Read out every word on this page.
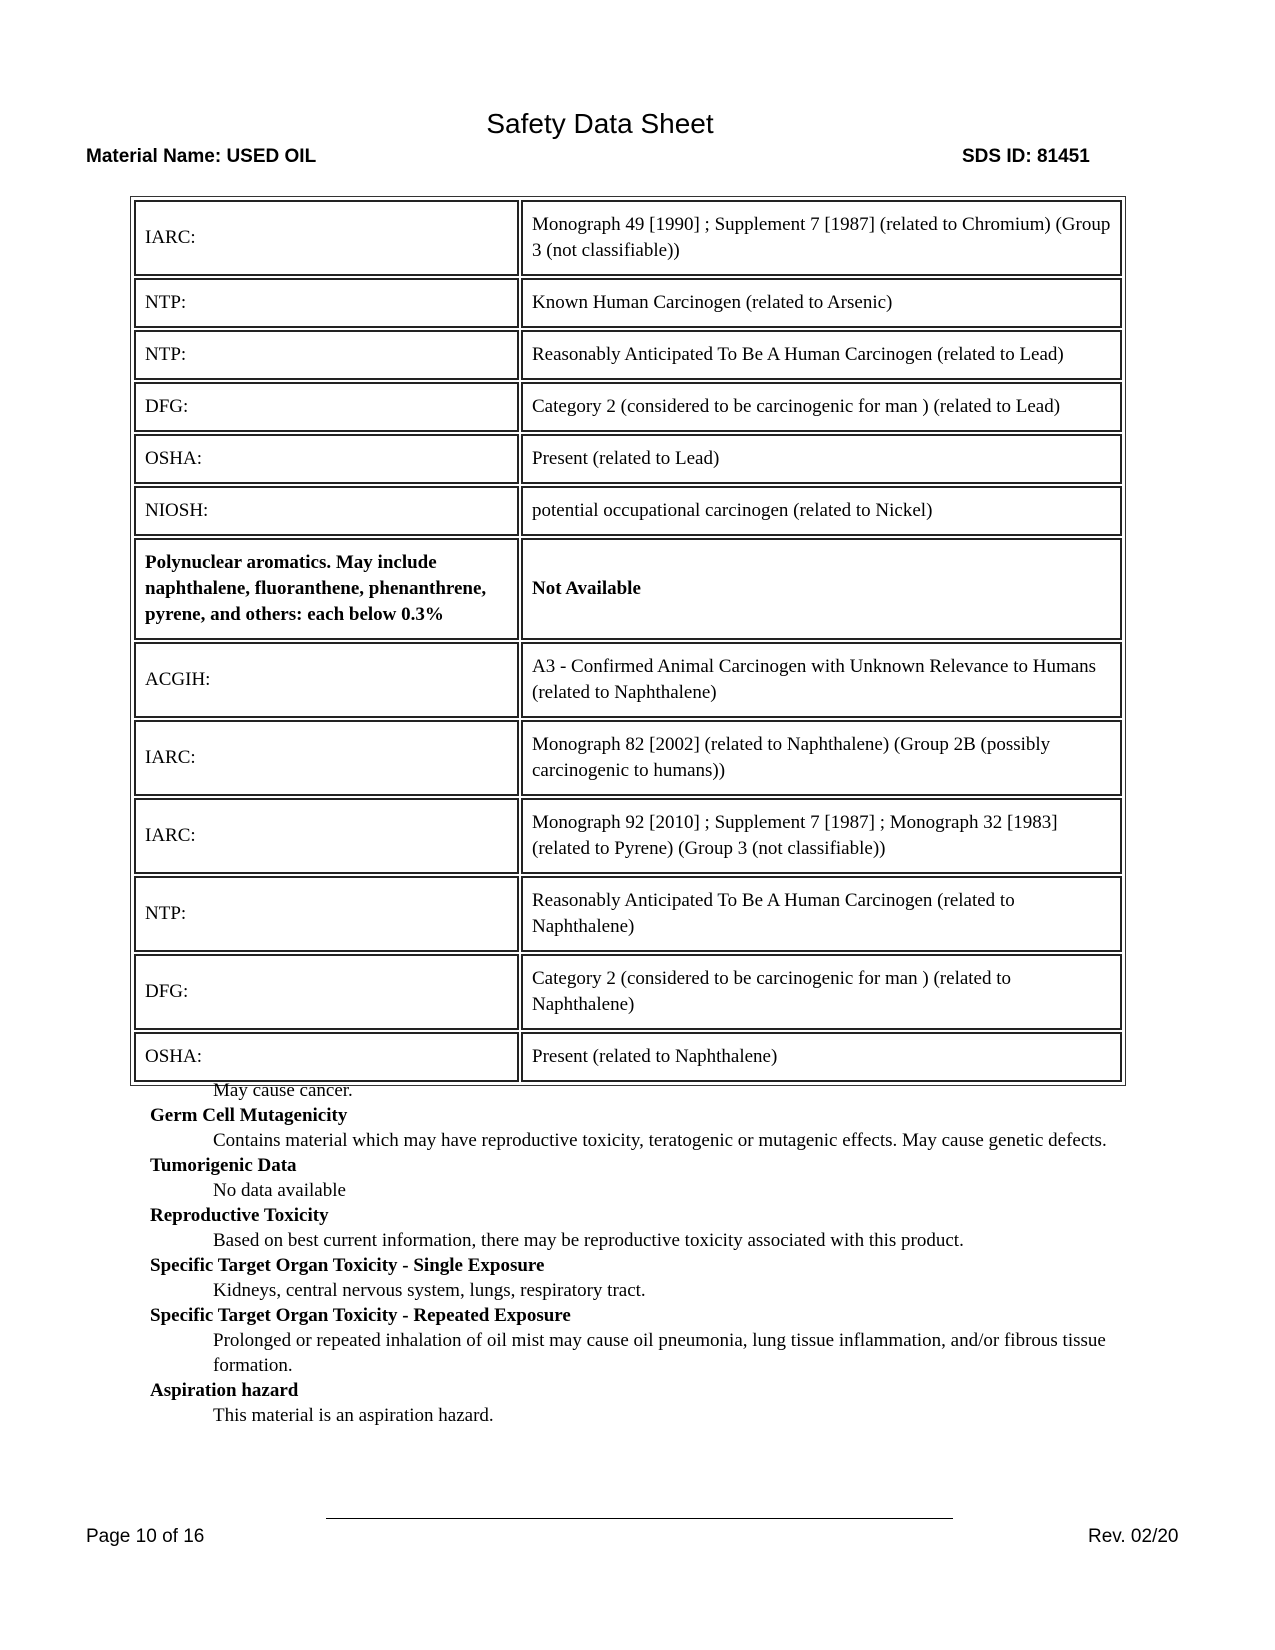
Safety Data Sheet
Material Name: USED OIL	SDS ID: 81451
IARC:	Monograph 49 [1990] ; Supplement 7 [1987] (related to Chromium) (Group 3 (not classifiable))
NTP:	Known Human Carcinogen (related to Arsenic)
NTP:	Reasonably Anticipated To Be A Human Carcinogen (related to Lead)
DFG:	Category 2 (considered to be carcinogenic for man ) (related to Lead)
OSHA:	Present (related to Lead)
NIOSH:	potential occupational carcinogen (related to Nickel)
Polynuclear aromatics. May include naphthalene, fluoranthene, phenanthrene, pyrene, and others: each below 0.3%	Not Available
ACGIH:	A3 - Confirmed Animal Carcinogen with Unknown Relevance to Humans (related to Naphthalene)
IARC:	Monograph 82 [2002] (related to Naphthalene) (Group 2B (possibly carcinogenic to humans))
IARC:	Monograph 92 [2010] ; Supplement 7 [1987] ; Monograph 32 [1983] (related to Pyrene) (Group 3 (not classifiable))
NTP:	Reasonably Anticipated To Be A Human Carcinogen (related to Naphthalene)
DFG:	Category 2 (considered to be carcinogenic for man ) (related to Naphthalene)
OSHA:	Present (related to Naphthalene)
May cause cancer.
Germ Cell Mutagenicity
Contains material which may have reproductive toxicity, teratogenic or mutagenic effects. May cause genetic defects.
Tumorigenic Data
No data available
Reproductive Toxicity
Based on best current information, there may be reproductive toxicity associated with this product.
Specific Target Organ Toxicity - Single Exposure
Kidneys, central nervous system, lungs, respiratory tract.
Specific Target Organ Toxicity - Repeated Exposure
Prolonged or repeated inhalation of oil mist may cause oil pneumonia, lung tissue inflammation, and/or fibrous tissue formation.
Aspiration hazard
This material is an aspiration hazard.
Page 10 of 16	Rev. 02/20
